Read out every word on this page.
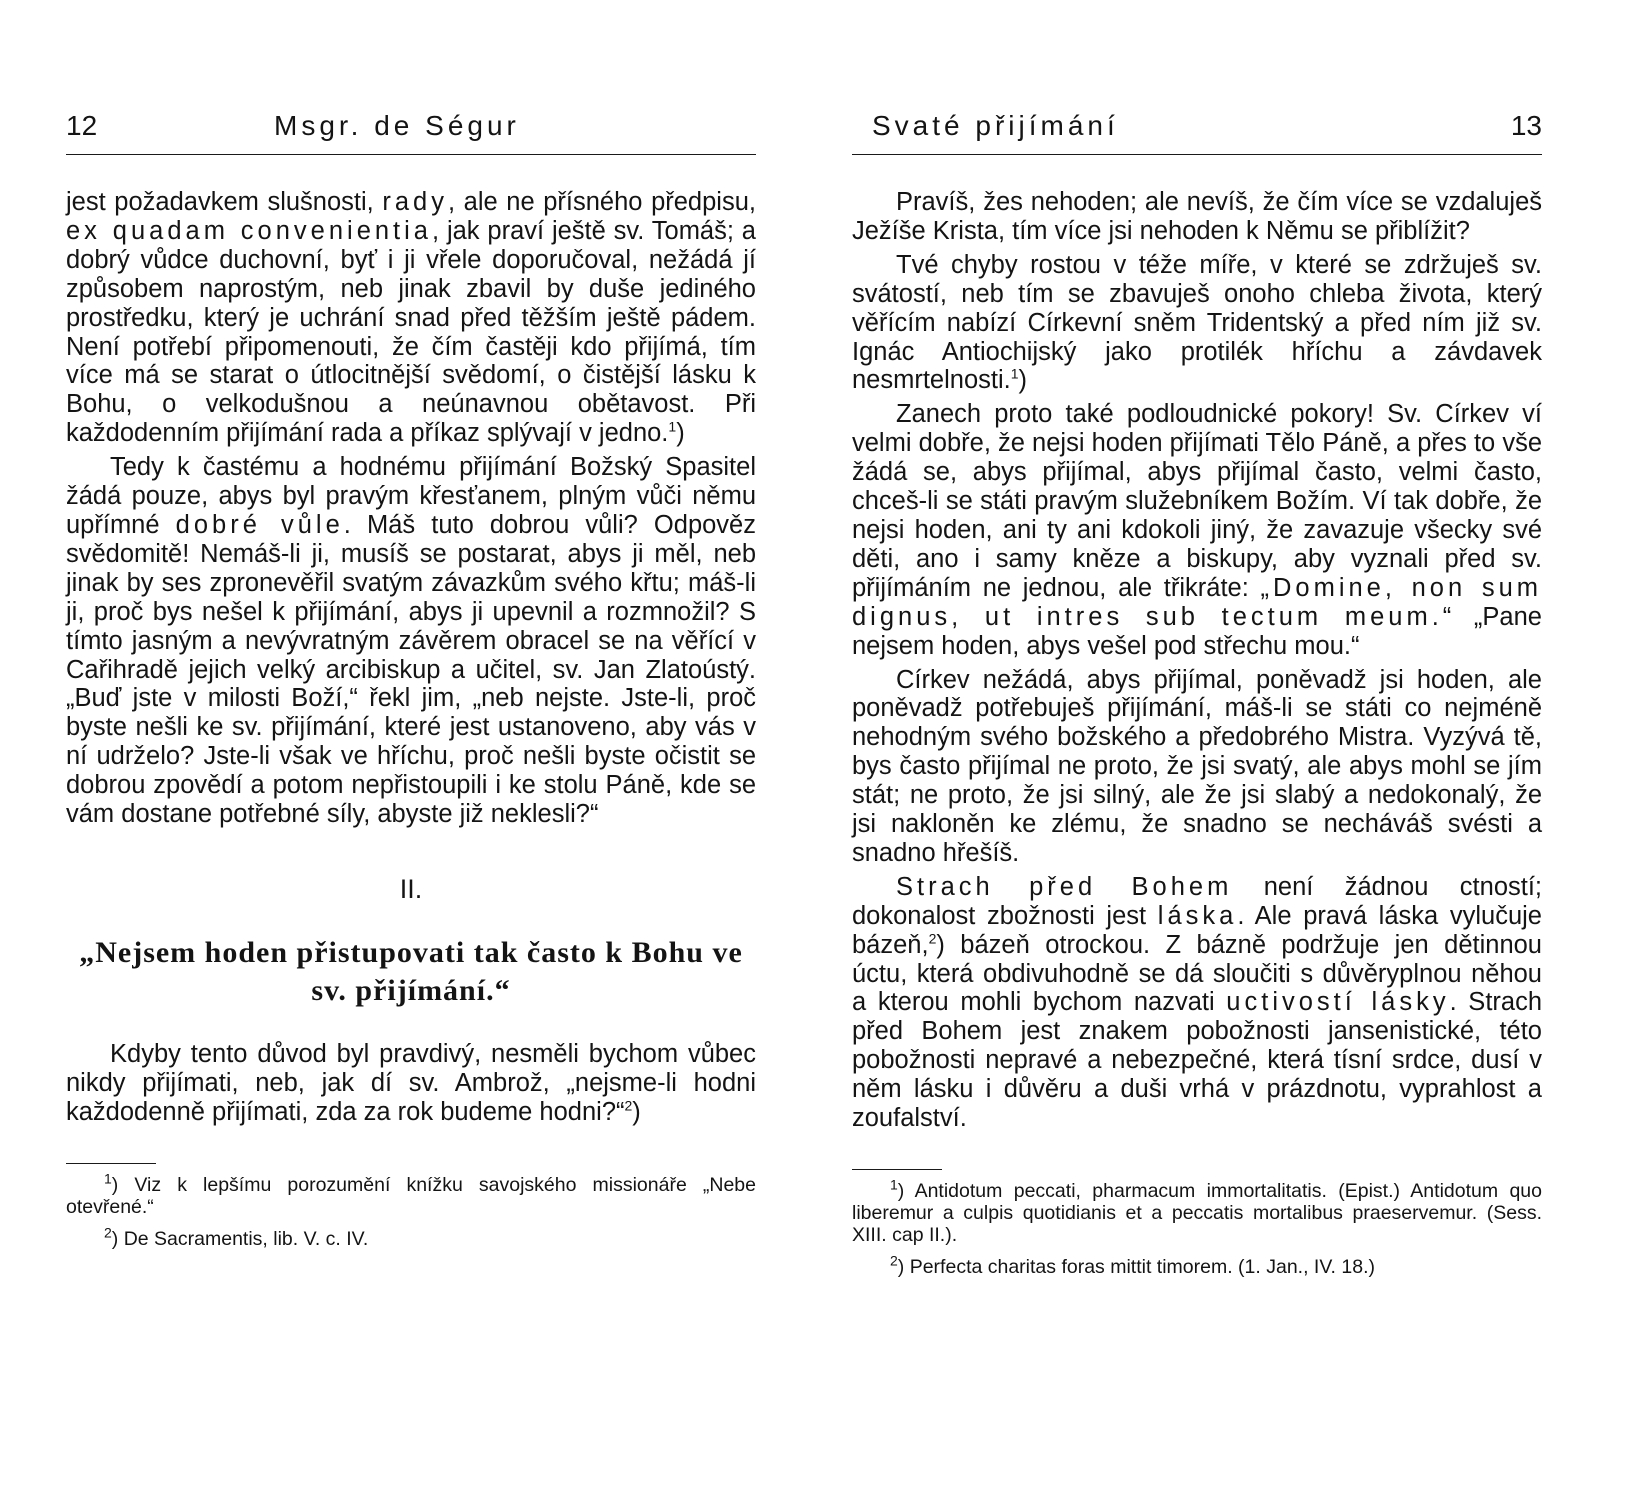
12	Msgr. de Ségur

jest požadavkem slušnosti, rady, ale ne přísného předpisu, ex quadam convenientia, jak praví ještě sv. Tomáš; a dobrý vůdce duchovní, byť i ji vřele doporučoval, nežádá jí způsobem naprostým, neb jinak zbavil by duše jediného prostředku, který je uchrání snad před těžším ještě pádem. Není potřebí připomenouti, že čím častěji kdo přijímá, tím více má se starat o útlocitnější svědomí, o čistější lásku k Bohu, o velkodušnou a neúnavnou obětavost. Při každodenním přijímání rada a příkaz splývají v jedno.$^1$)

Tedy k častému a hodnému přijímání Božský Spasitel žádá pouze, abys byl pravým křesťanem, plným vůči němu upřímné dobré vůle. Máš tuto dobrou vůli? Odpověz svědomitě! Nemáš-li ji, musíš se postarat, abys ji měl, neb jinak by ses zpronevěřil svatým závazkům svého křtu; máš-li ji, proč bys nešel k přijímání, abys ji upevnil a rozmnožil? S tímto jasným a nevývratným závěrem obracel se na věřící v Cařihradě jejich velký arcibiskup a učitel, sv. Jan Zlatoústý. „Buď jste v milosti Boží,“ řekl jim, „neb nejste. Jste-li, proč byste nešli ke sv. přijímání, které jest ustanoveno, aby vás v ní udrželo? Jste-li však ve hříchu, proč nešli byste očistit se dobrou zpovědí a potom nepřistoupili i ke stolu Páně, kde se vám dostane potřebné síly, abyste již neklesli?“

II.
„Nejsem hoden přistupovati tak často k Bohu ve sv. přijímání.“

Kdyby tento důvod byl pravdivý, nesměli bychom vůbec nikdy přijímati, neb, jak dí sv. Ambrož, „nejsme-li hodni každodenně přijímati, zda za rok budeme hodni?“$^2$)

$^1$) Viz k lepšímu porozumění knížku savojského missionáře „Nebe otevřené.“
$^2$) De Sacramentis, lib. V. c. IV.
Svaté přijímání	13

Pravíš, žes nehoden; ale nevíš, že čím více se vzdaluješ Ježíše Krista, tím více jsi nehoden k Němu se přiblížit?

Tvé chyby rostou v téže míře, v které se zdržuješ sv. svátostí, neb tím se zbavuješ onoho chleba života, který věřícím nabízí Církevní sněm Tridentský a před ním již sv. Ignác Antiochijský jako protilék hříchu a závdavek nesmrtelnosti.$^1$)

Zanech proto také podloudnické pokory! Sv. Církev ví velmi dobře, že nejsi hoden přijímati Tělo Páně, a přes to vše žádá se, abys přijímal, abys přijímal často, velmi často, chceš-li se státi pravým služebníkem Božím. Ví tak dobře, že nejsi hoden, ani ty ani kdokoli jiný, že zavazuje všecky své děti, ano i samy kněze a biskupy, aby vyznali před sv. přijímáním ne jednou, ale třikráte: „Domine, non sum dignus, ut intres sub tectum meum.“ „Pane nejsem hoden, abys vešel pod střechu mou.“

Církev nežádá, abys přijímal, poněvadž jsi hoden, ale poněvadž potřebuješ přijímání, máš-li se státi co nejméně nehodným svého božského a předobrého Mistra. Vyzývá tě, bys často přijímal ne proto, že jsi svatý, ale abys mohl se jím stát; ne proto, že jsi silný, ale že jsi slabý a nedokonalý, že jsi nakloněn ke zlému, že snadno se necháváš svésti a snadno hřešíš.

Strach před Bohem není žádnou ctností; dokonalost zbožnosti jest láska. Ale pravá láska vylučuje bázeň,$^2$) bázeň otrockou. Z bázně podržuje jen dětinnou úctu, která obdivuhodně se dá sloučiti s důvěryplnou něhou a kterou mohli bychom nazvati uctivostí lásky. Strach před Bohem jest znakem pobožnosti jansenistické, této pobožnosti nepravé a nebezpečné, která tísní srdce, dusí v něm lásku i důvěru a duši vrhá v prázdnotu, vyprahlost a zoufalství.

$^1$) Antidotum peccati, pharmacum immortalitatis. (Epist.) Antidotum quo liberemur a culpis quotidianis et a peccatis mortalibus praeservemur. (Sess. XIII. cap II.).
$^2$) Perfecta charitas foras mittit timorem. (1. Jan., IV. 18.)
